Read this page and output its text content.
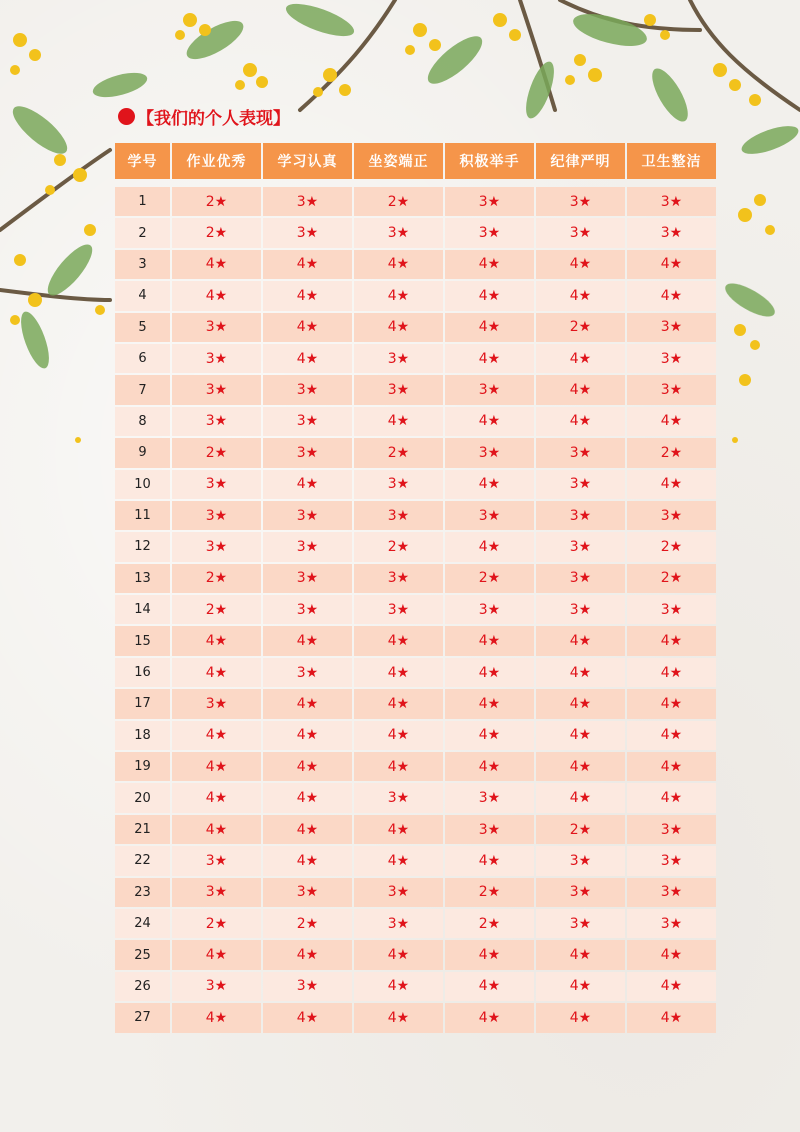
【我们的个人表现】
学号	作业优秀	学习认真	坐姿端正	积极举手	纪律严明	卫生整洁

1	2★	3★	2★	3★	3★	3★
2	2★	3★	3★	3★	3★	3★
3	4★	4★	4★	4★	4★	4★
4	4★	4★	4★	4★	4★	4★
5	3★	4★	4★	4★	2★	3★
6	3★	4★	3★	4★	4★	3★
7	3★	3★	3★	3★	4★	3★
8	3★	3★	4★	4★	4★	4★
9	2★	3★	2★	3★	3★	2★
10	3★	4★	3★	4★	3★	4★
11	3★	3★	3★	3★	3★	3★
12	3★	3★	2★	4★	3★	2★
13	2★	3★	3★	2★	3★	2★
14	2★	3★	3★	3★	3★	3★
15	4★	4★	4★	4★	4★	4★
16	4★	3★	4★	4★	4★	4★
17	3★	4★	4★	4★	4★	4★
18	4★	4★	4★	4★	4★	4★
19	4★	4★	4★	4★	4★	4★
20	4★	4★	3★	3★	4★	4★
21	4★	4★	4★	3★	2★	3★
22	3★	4★	4★	4★	3★	3★
23	3★	3★	3★	2★	3★	3★
24	2★	2★	3★	2★	3★	3★
25	4★	4★	4★	4★	4★	4★
26	3★	3★	4★	4★	4★	4★
27	4★	4★	4★	4★	4★	4★
